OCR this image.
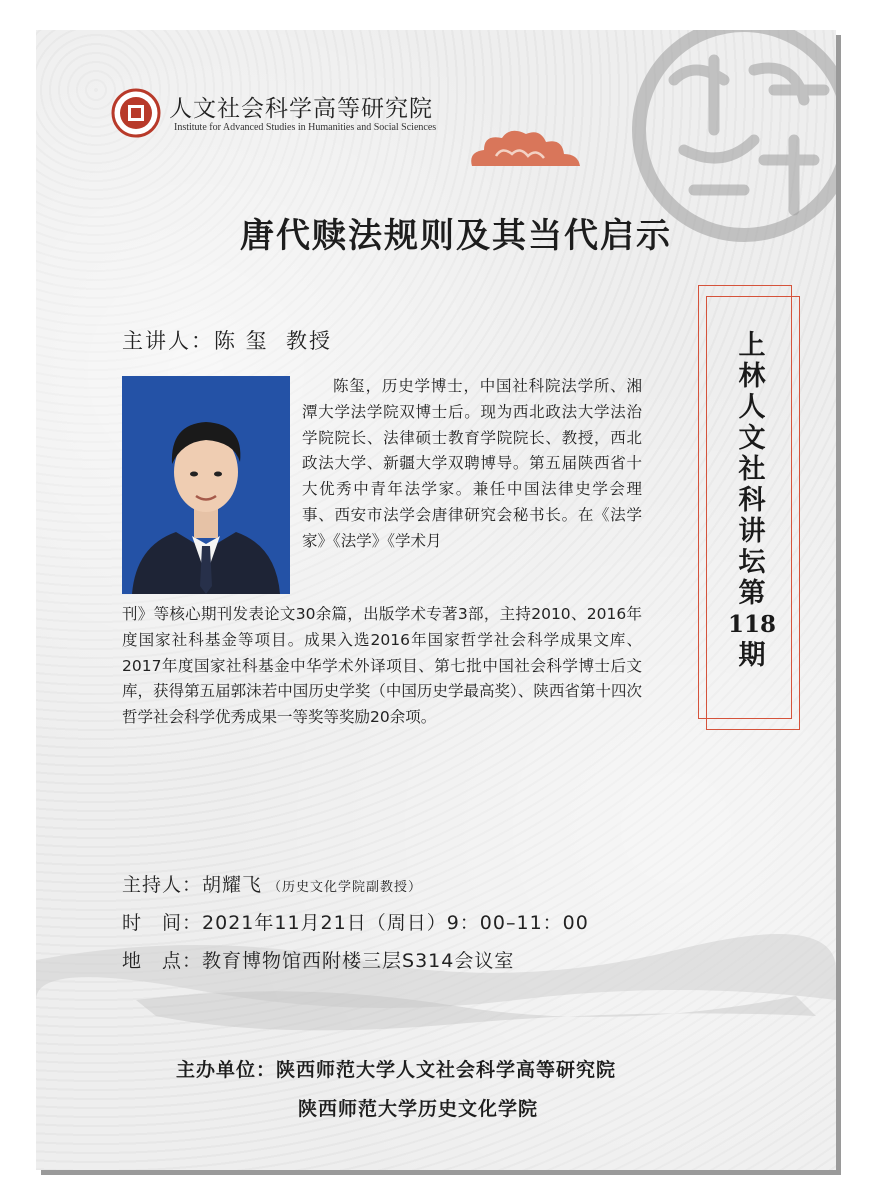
人文社会科学高等研究院
Institute for Advanced Studies in Humanities and Social Sciences
唐代赎法规则及其当代启示
主讲人：陈 玺 教授
陈玺，历史学博士，中国社科院法学所、湘潭大学法学院双博士后。现为西北政法大学法治学院院长、法律硕士教育学院院长、教授，西北政法大学、新疆大学双聘博导。第五届陕西省十大优秀中青年法学家。兼任中国法律史学会理事、西安市法学会唐律研究会秘书长。在《法学家》《法学》《学术月
刊》等核心期刊发表论文30余篇，出版学术专著3部，主持2010、2016年度国家社科基金等项目。成果入选2016年国家哲学社会科学成果文库、2017年度国家社科基金中华学术外译项目、第七批中国社会科学博士后文库，获得第五届郭沫若中国历史学奖（中国历史学最高奖）、陕西省第十四次哲学社会科学优秀成果一等奖等奖励20余项。
上
林
人
文
社
科
讲
坛
第
118
期
主持人：胡耀飞 （历史文化学院副教授）
时　间：2021年11月21日（周日）9：00–11：00
地　点：教育博物馆西附楼三层S314会议室
主办单位：陕西师范大学人文社会科学高等研究院
陕西师范大学历史文化学院
